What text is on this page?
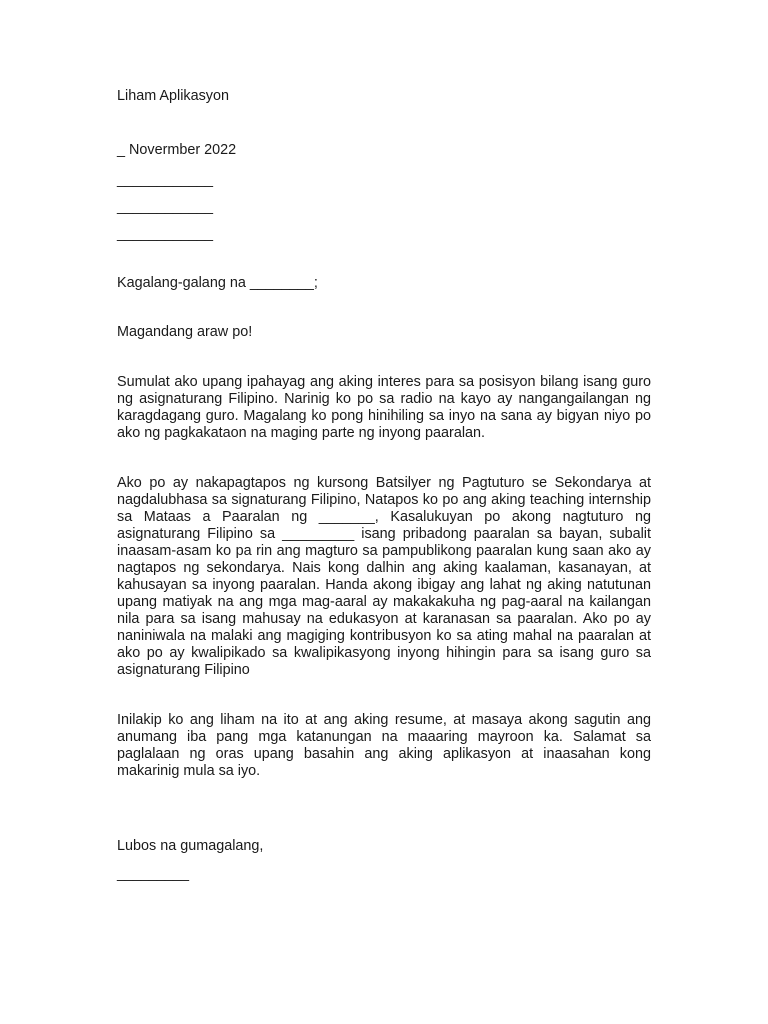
Liham Aplikasyon
_ Novermber 2022
____________
____________
____________
Kagalang-galang na ________;
Magandang araw po!
Sumulat ako upang ipahayag ang aking interes para sa posisyon bilang isang guro ng asignaturang Filipino. Narinig ko po sa radio na kayo ay nangangailangan ng karagdagang guro. Magalang ko pong hinihiling sa inyo na sana ay bigyan niyo po ako ng pagkakataon na maging parte ng inyong paaralan.
Ako po ay nakapagtapos ng kursong Batsilyer ng Pagtuturo se Sekondarya at nagdalubhasa sa signaturang Filipino, Natapos ko po ang aking teaching internship sa Mataas a Paaralan ng _______, Kasalukuyan po akong nagtuturo ng asignaturang Filipino sa _________ isang pribadong paaralan sa bayan, subalit inaasam-asam ko pa rin ang magturo sa pampublikong paaralan kung saan ako ay nagtapos ng sekondarya. Nais kong dalhin ang aking kaalaman, kasanayan, at kahusayan sa inyong paaralan. Handa akong ibigay ang lahat ng aking natutunan upang matiyak na ang mga mag-aaral ay makakakuha ng pag-aaral na kailangan nila para sa isang mahusay na edukasyon at karanasan sa paaralan. Ako po ay naniniwala na malaki ang magiging kontribusyon ko sa ating mahal na paaralan at ako po ay kwalipikado sa kwalipikasyong inyong hihingin para sa isang guro sa asignaturang Filipino
Inilakip ko ang liham na ito at ang aking resume, at masaya akong sagutin ang anumang iba pang mga katanungan na maaaring mayroon ka. Salamat sa paglalaan ng oras upang basahin ang aking aplikasyon at inaasahan kong makarinig mula sa iyo.
Lubos na gumagalang,
_________
